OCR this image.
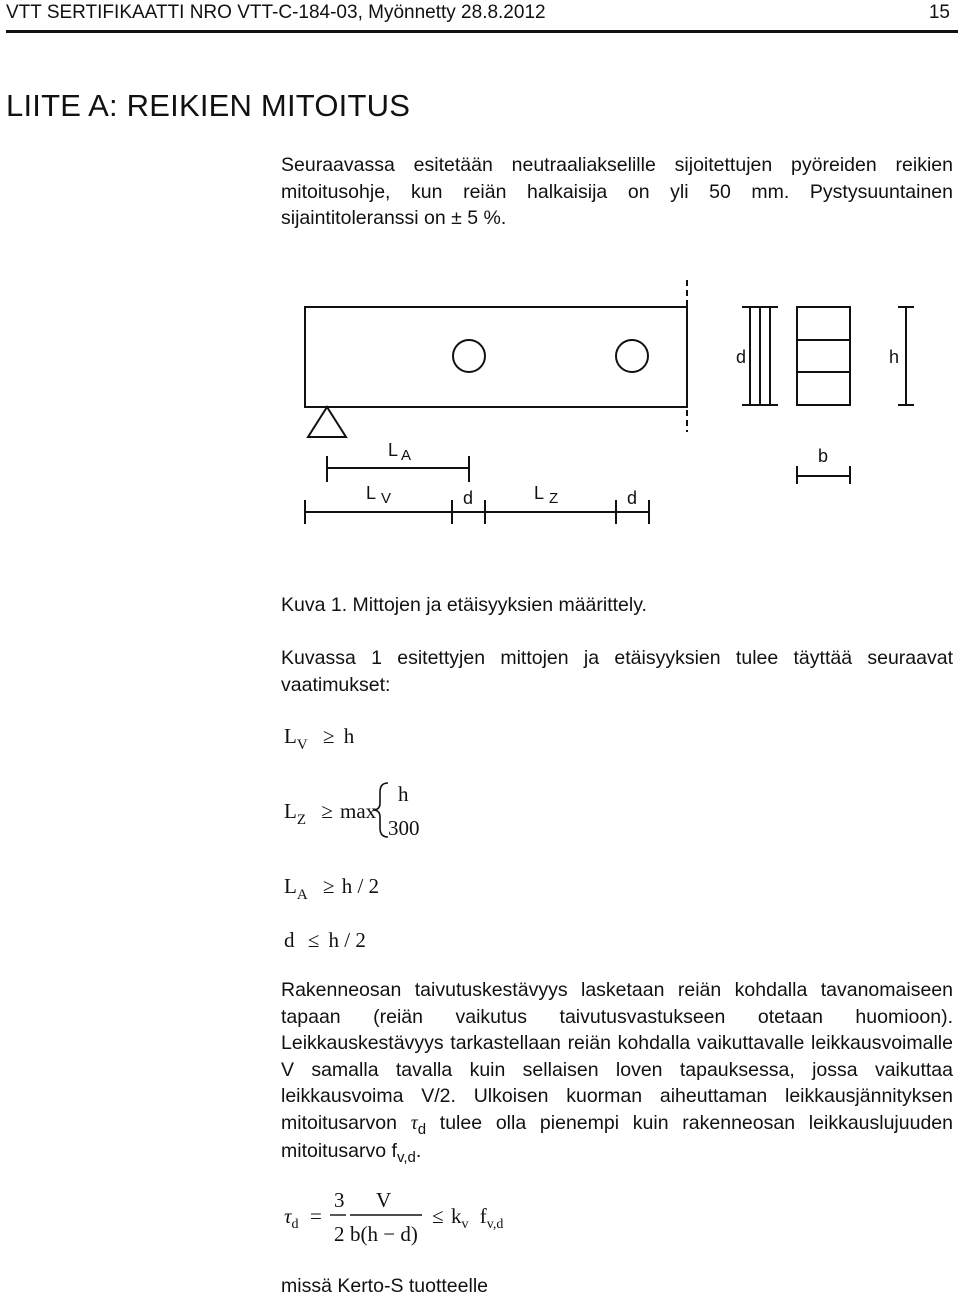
VTT SERTIFIKAATTI NRO VTT-C-184-03, Myönnetty 28.8.2012	15
LIITE A: REIKIEN MITOITUS
Seuraavassa esitetään neutraaliakselille sijoitettujen pyöreiden reikien mitoitusohje, kun reiän halkaisija on yli 50 mm. Pystysuuntainen sijaintitoleranssi on ± 5 %.
d	h
b
L A
L V	d	L Z	d
Kuva 1. Mittojen ja etäisyyksien määrittely.
Kuvassa 1 esitettyjen mittojen ja etäisyyksien tulee täyttää seuraavat vaatimukset:
$L_V \ge h$
$L_Z \ge \max$
h
300
$L_A \ge h / 2$
d ≤ h / 2
Rakenneosan taivutuskestävyys lasketaan reiän kohdalla tavanomaiseen tapaan (reiän vaikutus taivutusvastukseen otetaan huomioon). Leikkauskestävyys tarkastellaan reiän kohdalla vaikuttavalle leikkausvoimalle V samalla tavalla kuin sellaisen loven tapauksessa, jossa vaikuttaa leikkausvoima V/2. Ulkoisen kuorman aiheuttaman leikkausjännityksen mitoitusarvon $\tau_d$ tulee olla pienempi kuin rakenneosan leikkauslujuuden mitoitusarvo $f_{v,d}$.
$\tau_d$ =
3
2
V
b(h − d)
≤ $k_v$ $f_{v,d}$
missä Kerto-S tuotteelle
